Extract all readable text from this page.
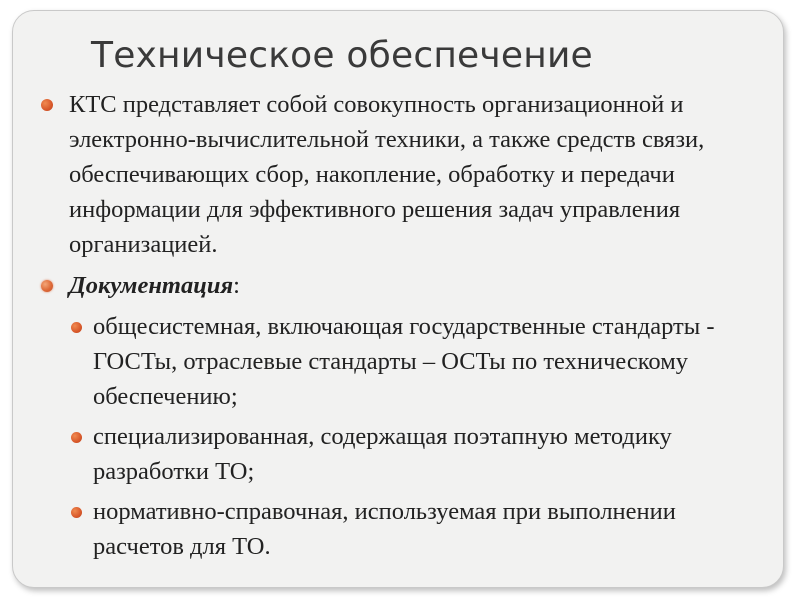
Техническое обеспечение
КТС представляет собой совокупность организационной и электронно-вычислительной техники, а также средств связи, обеспечивающих сбор, накопление, обработку и передачи информации для эффективного решения задач управления организацией.
Документация:
общесистемная, включающая государственные стандарты - ГОСТы, отраслевые стандарты – ОСТы по техническому обеспечению;
специализированная, содержащая поэтапную методику разработки ТО;
нормативно-справочная, используемая при выполнении расчетов для ТО.
